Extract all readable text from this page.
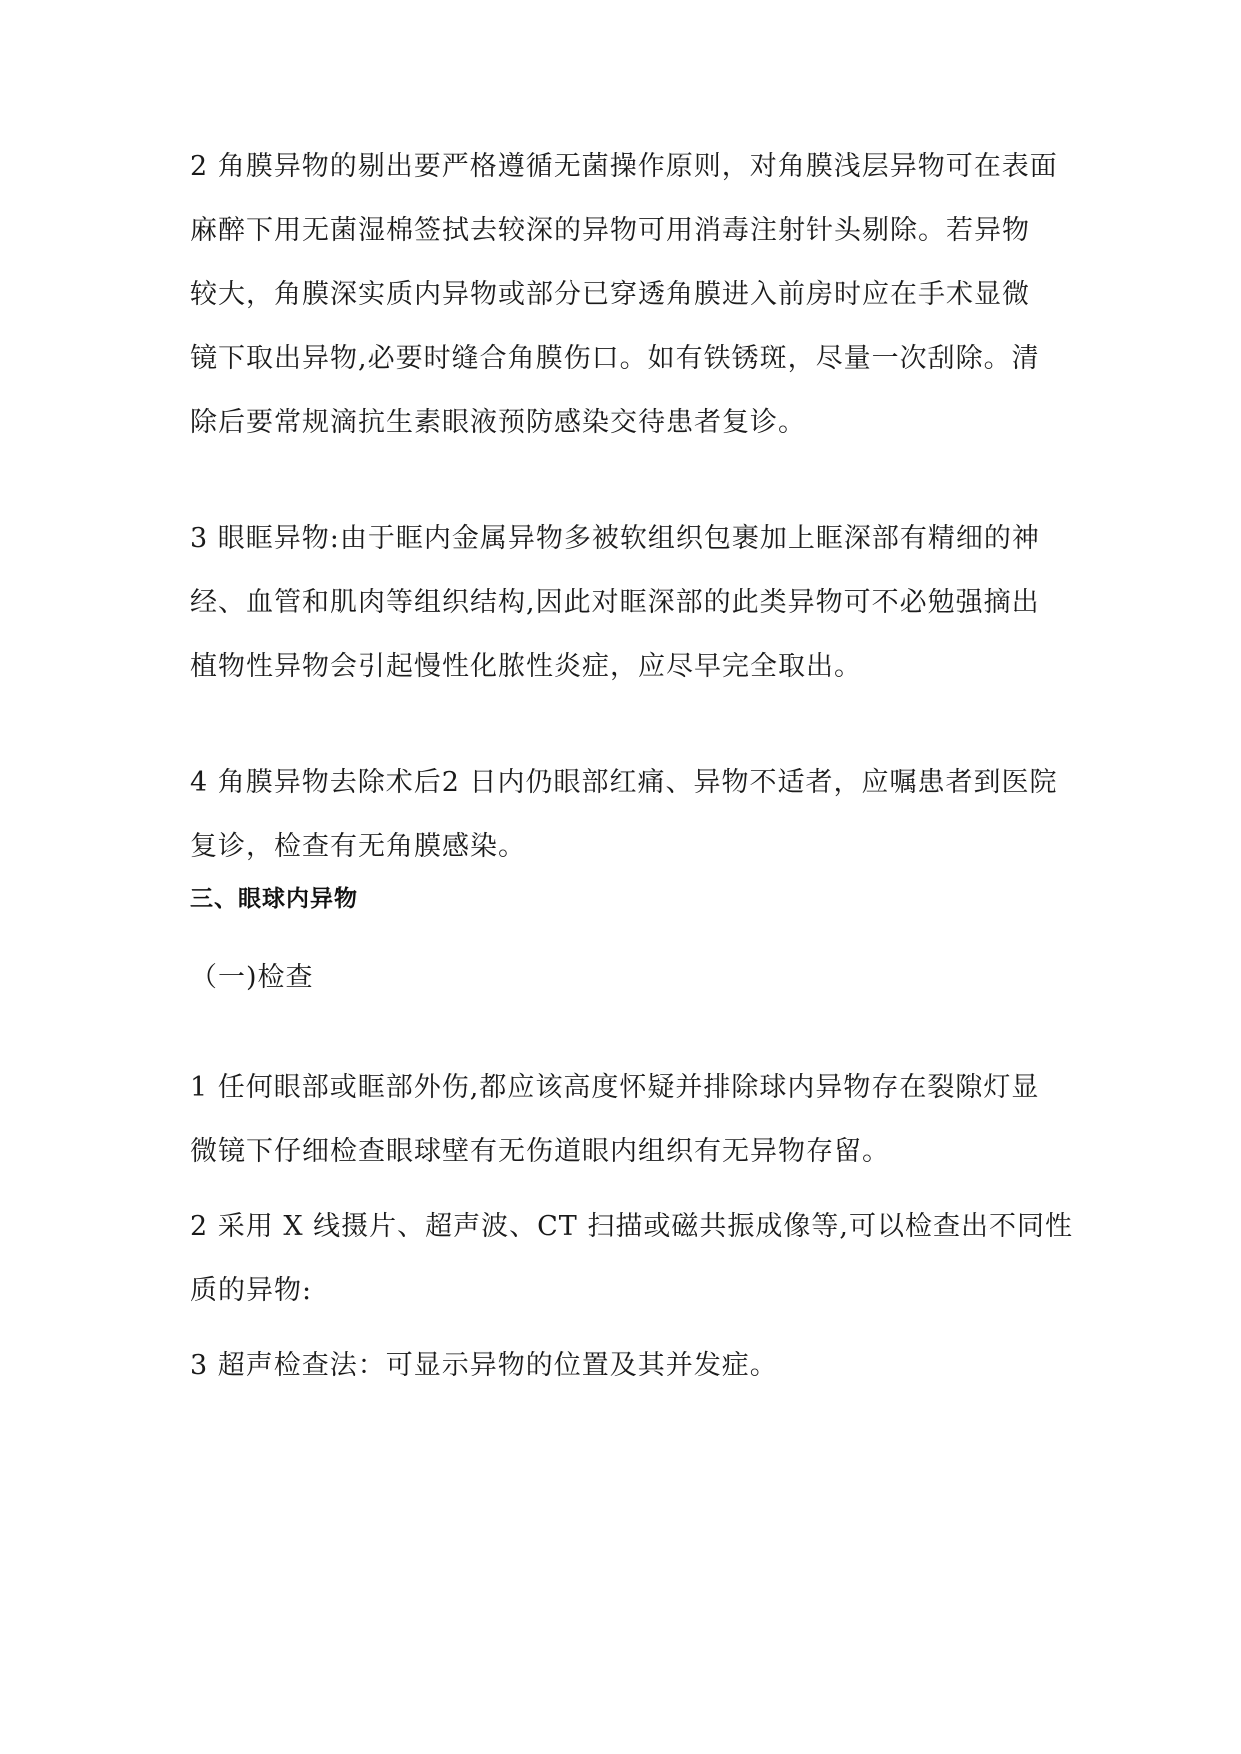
2 角膜异物的剔出要严格遵循无菌操作原则，对角膜浅层异物可在表面
麻醉下用无菌湿棉签拭去较深的异物可用消毒注射针头剔除。若异物
较大，角膜深实质内异物或部分已穿透角膜进入前房时应在手术显微
镜下取出异物,必要时缝合角膜伤口。如有铁锈斑，尽量一次刮除。清
除后要常规滴抗生素眼液预防感染交待患者复诊。
3 眼眶异物:由于眶内金属异物多被软组织包裹加上眶深部有精细的神
经、血管和肌肉等组织结构,因此对眶深部的此类异物可不必勉强摘出
植物性异物会引起慢性化脓性炎症，应尽早完全取出。
4 角膜异物去除术后2 日内仍眼部红痛、异物不适者，应嘱患者到医院
复诊，检查有无角膜感染。
三、眼球内异物
（一)检查
1 任何眼部或眶部外伤,都应该高度怀疑并排除球内异物存在裂隙灯显
微镜下仔细检查眼球壁有无伤道眼内组织有无异物存留。
2 采用 X 线摄片、超声波、CT 扫描或磁共振成像等,可以检查出不同性
质的异物:
3 超声检查法：可显示异物的位置及其并发症。
